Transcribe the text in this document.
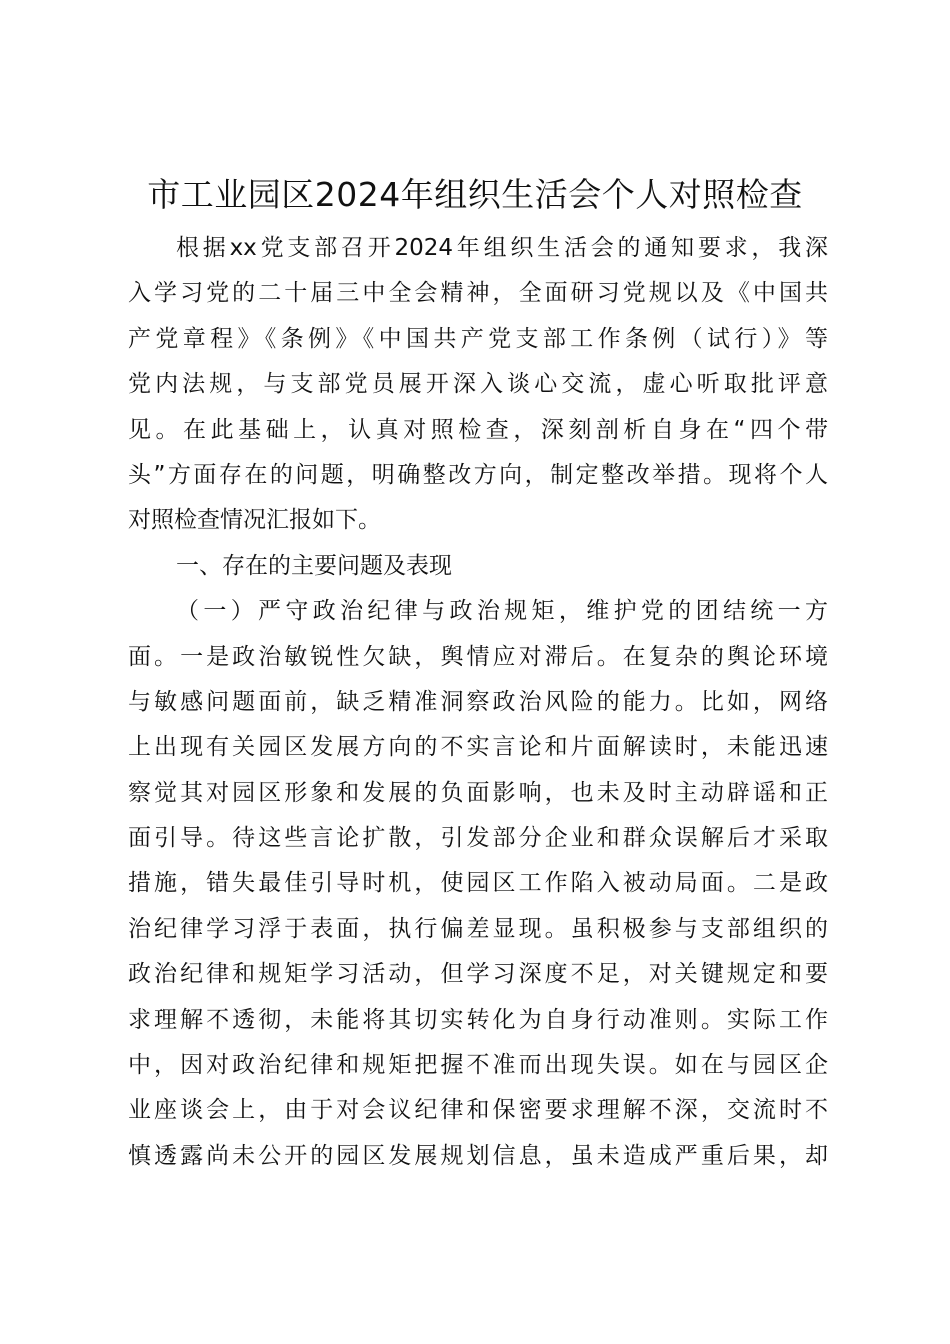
市工业园区2024年组织生活会个人对照检查
根据xx党支部召开2024年组织生活会的通知要求，我深
入学习党的二十届三中全会精神，全面研习党规以及《中国共
产党章程》《条例》《中国共产党支部工作条例（试行）》等
党内法规，与支部党员展开深入谈心交流，虚心听取批评意
见。在此基础上，认真对照检查，深刻剖析自身在“四个带
头”方面存在的问题，明确整改方向，制定整改举措。现将个人
对照检查情况汇报如下。
一、存在的主要问题及表现
（一）严守政治纪律与政治规矩，维护党的团结统一方
面。一是政治敏锐性欠缺，舆情应对滞后。在复杂的舆论环境
与敏感问题面前，缺乏精准洞察政治风险的能力。比如，网络
上出现有关园区发展方向的不实言论和片面解读时，未能迅速
察觉其对园区形象和发展的负面影响，也未及时主动辟谣和正
面引导。待这些言论扩散，引发部分企业和群众误解后才采取
措施，错失最佳引导时机，使园区工作陷入被动局面。二是政
治纪律学习浮于表面，执行偏差显现。虽积极参与支部组织的
政治纪律和规矩学习活动，但学习深度不足，对关键规定和要
求理解不透彻，未能将其切实转化为自身行动准则。实际工作
中，因对政治纪律和规矩把握不准而出现失误。如在与园区企
业座谈会上，由于对会议纪律和保密要求理解不深，交流时不
慎透露尚未公开的园区发展规划信息，虽未造成严重后果，却
